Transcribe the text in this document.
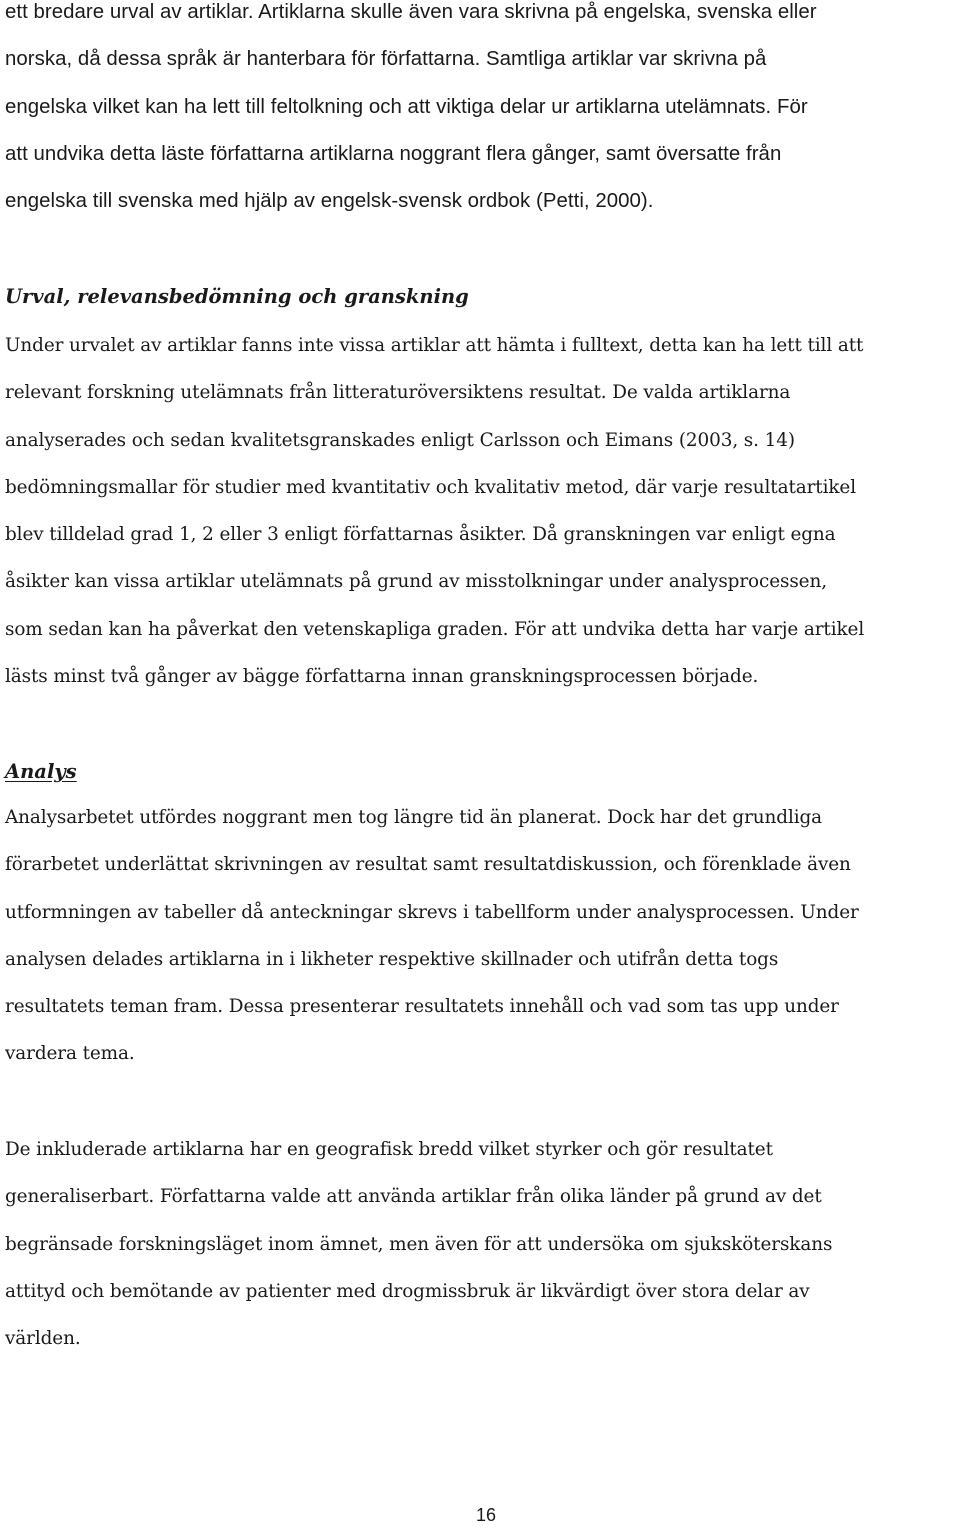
ett bredare urval av artiklar. Artiklarna skulle även vara skrivna på engelska, svenska eller
norska, då dessa språk är hanterbara för författarna. Samtliga artiklar var skrivna på
engelska vilket kan ha lett till feltolkning och att viktiga delar ur artiklarna utelämnats. För
att undvika detta läste författarna artiklarna noggrant flera gånger, samt översatte från
engelska till svenska med hjälp av engelsk-svensk ordbok (Petti, 2000).
Urval, relevansbedömning och granskning
Under urvalet av artiklar fanns inte vissa artiklar att hämta i fulltext, detta kan ha lett till att
relevant forskning utelämnats från litteraturöversiktens resultat. De valda artiklarna
analyserades och sedan kvalitetsgranskades enligt Carlsson och Eimans (2003, s. 14)
bedömningsmallar för studier med kvantitativ och kvalitativ metod, där varje resultatartikel
blev tilldelad grad 1, 2 eller 3 enligt författarnas åsikter. Då granskningen var enligt egna
åsikter kan vissa artiklar utelämnats på grund av misstolkningar under analysprocessen,
som sedan kan ha påverkat den vetenskapliga graden. För att undvika detta har varje artikel
lästs minst två gånger av bägge författarna innan granskningsprocessen började.
Analys
Analysarbetet utfördes noggrant men tog längre tid än planerat. Dock har det grundliga
förarbetet underlättat skrivningen av resultat samt resultatdiskussion, och förenklade även
utformningen av tabeller då anteckningar skrevs i tabellform under analysprocessen. Under
analysen delades artiklarna in i likheter respektive skillnader och utifrån detta togs
resultatets teman fram. Dessa presenterar resultatets innehåll och vad som tas upp under
vardera tema.
De inkluderade artiklarna har en geografisk bredd vilket styrker och gör resultatet
generaliserbart. Författarna valde att använda artiklar från olika länder på grund av det
begränsade forskningsläget inom ämnet, men även för att undersöka om sjuksköterskans
attityd och bemötande av patienter med drogmissbruk är likvärdigt över stora delar av
världen.
16
